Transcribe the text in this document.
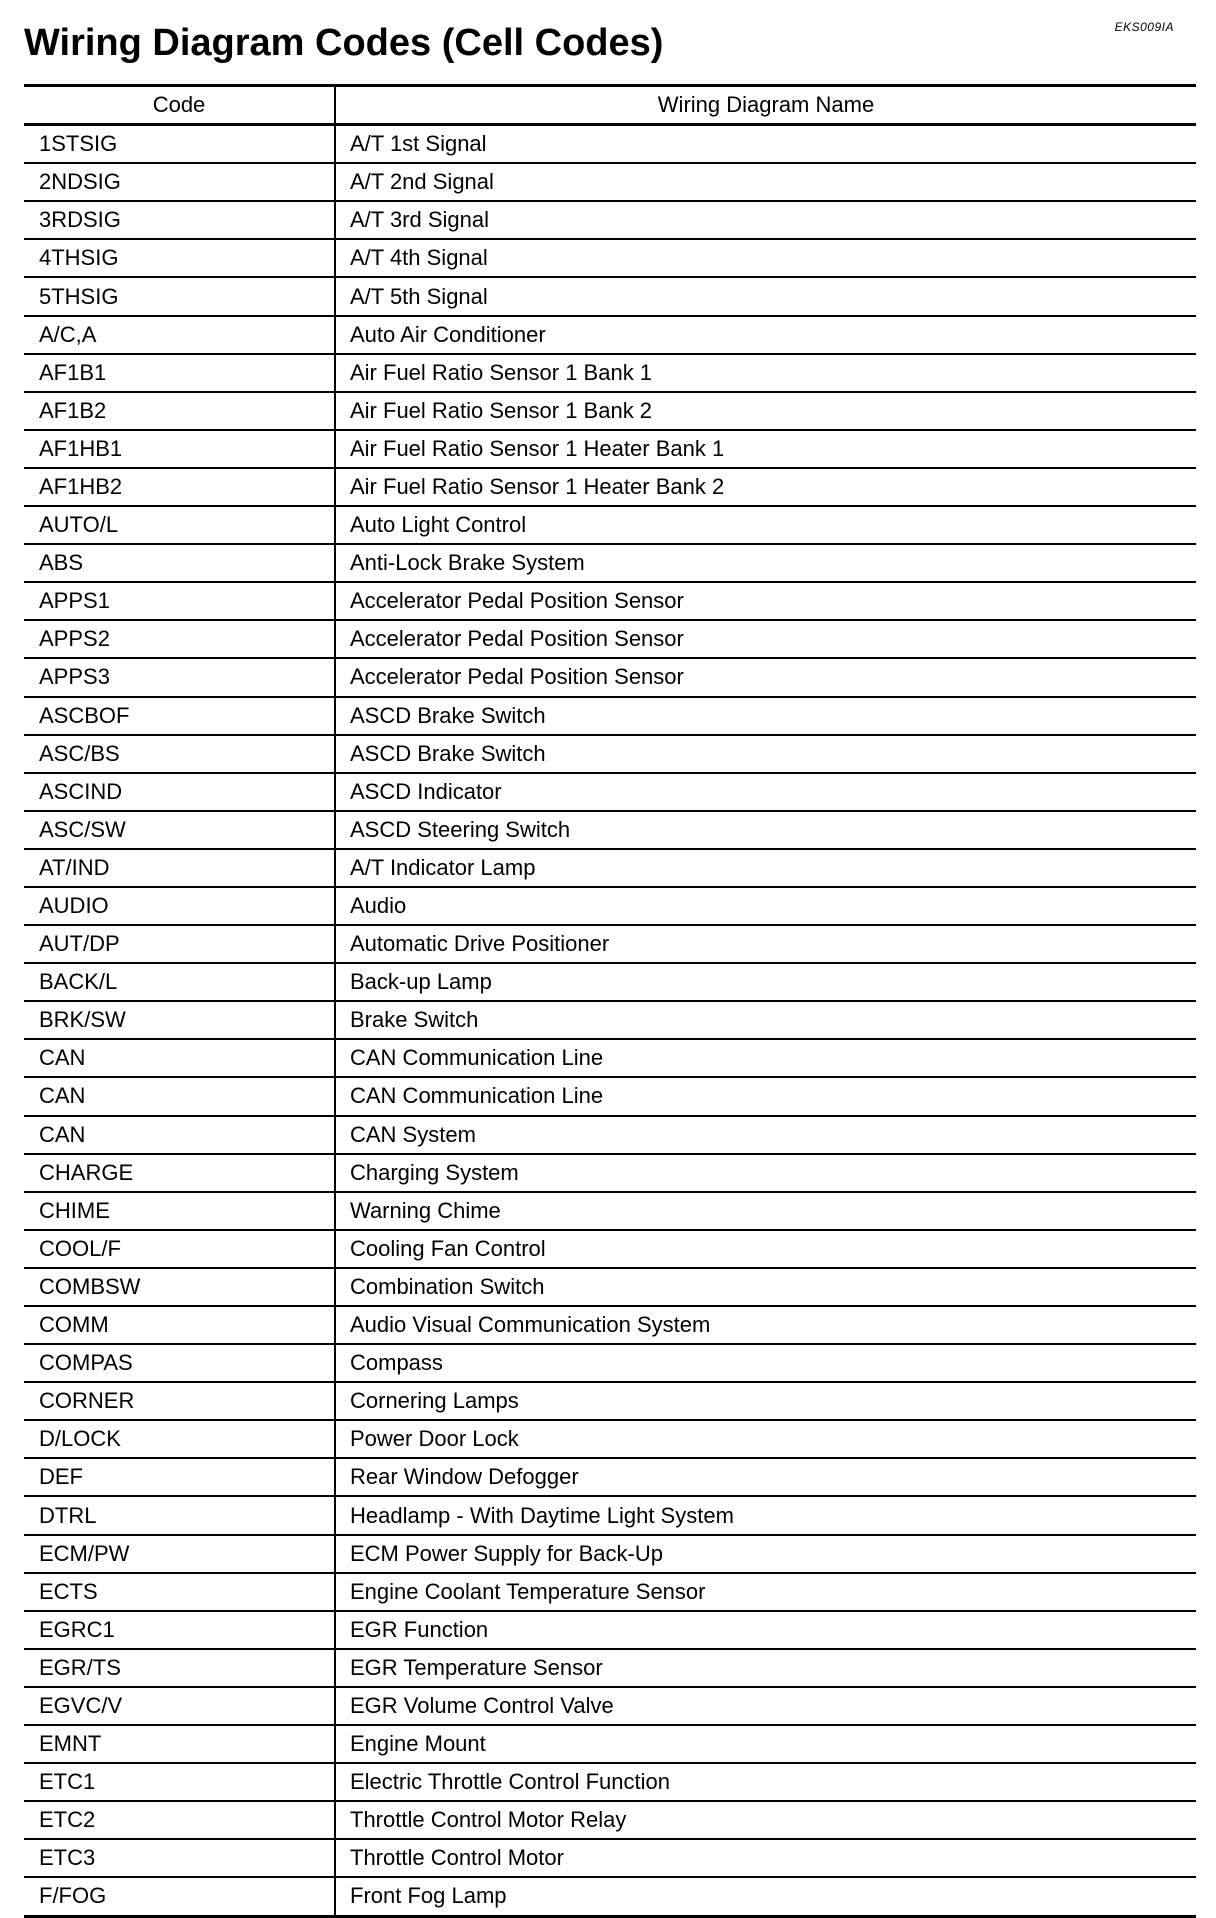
EKS009IA
Wiring Diagram Codes (Cell Codes)
Code	Wiring Diagram Name
1STSIG	A/T 1st Signal
2NDSIG	A/T 2nd Signal
3RDSIG	A/T 3rd Signal
4THSIG	A/T 4th Signal
5THSIG	A/T 5th Signal
A/C,A	Auto Air Conditioner
AF1B1	Air Fuel Ratio Sensor 1 Bank 1
AF1B2	Air Fuel Ratio Sensor 1 Bank 2
AF1HB1	Air Fuel Ratio Sensor 1 Heater Bank 1
AF1HB2	Air Fuel Ratio Sensor 1 Heater Bank 2
AUTO/L	Auto Light Control
ABS	Anti-Lock Brake System
APPS1	Accelerator Pedal Position Sensor
APPS2	Accelerator Pedal Position Sensor
APPS3	Accelerator Pedal Position Sensor
ASCBOF	ASCD Brake Switch
ASC/BS	ASCD Brake Switch
ASCIND	ASCD Indicator
ASC/SW	ASCD Steering Switch
AT/IND	A/T Indicator Lamp
AUDIO	Audio
AUT/DP	Automatic Drive Positioner
BACK/L	Back-up Lamp
BRK/SW	Brake Switch
CAN	CAN Communication Line
CAN	CAN Communication Line
CAN	CAN System
CHARGE	Charging System
CHIME	Warning Chime
COOL/F	Cooling Fan Control
COMBSW	Combination Switch
COMM	Audio Visual Communication System
COMPAS	Compass
CORNER	Cornering Lamps
D/LOCK	Power Door Lock
DEF	Rear Window Defogger
DTRL	Headlamp - With Daytime Light System
ECM/PW	ECM Power Supply for Back-Up
ECTS	Engine Coolant Temperature Sensor
EGRC1	EGR Function
EGR/TS	EGR Temperature Sensor
EGVC/V	EGR Volume Control Valve
EMNT	Engine Mount
ETC1	Electric Throttle Control Function
ETC2	Throttle Control Motor Relay
ETC3	Throttle Control Motor
F/FOG	Front Fog Lamp
